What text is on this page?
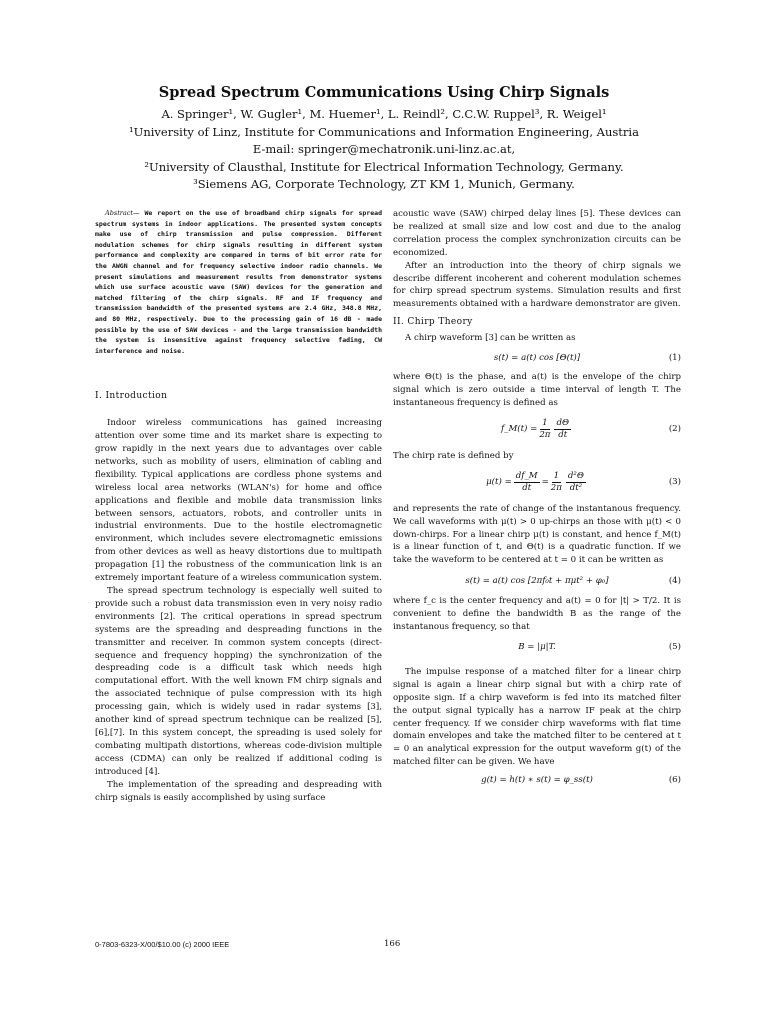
Spread Spectrum Communications Using Chirp Signals
A. Springer¹, W. Gugler¹, M. Huemer¹, L. Reindl², C.C.W. Ruppel³, R. Weigel¹
¹University of Linz, Institute for Communications and Information Engineering, Austria
E-mail: springer@mechatronik.uni-linz.ac.at,
²University of Clausthal, Institute for Electrical Information Technology, Germany.
³Siemens AG, Corporate Technology, ZT KM 1, Munich, Germany.

Abstract— We report on the use of broadband chirp signals for spread spectrum systems in indoor applications. The presented system concepts make use of chirp transmission and pulse compression. Different modulation schemes for chirp signals resulting in different system performance and complexity are compared in terms of bit error rate for the AWGN channel and for frequency selective indoor radio channels. We present simulations and measurement results from demonstrator systems which use surface acoustic wave (SAW) devices for the generation and matched filtering of the chirp signals. RF and IF frequency and transmission bandwidth of the presented systems are 2.4 GHz, 348.8 MHz, and 80 MHz, respectively. Due to the processing gain of 16 dB - made possible by the use of SAW devices - and the large transmission bandwidth the system is insensitive against frequency selective fading, CW interference and noise.

I. Introduction

Indoor wireless communications has gained increasing attention over some time and its market share is expecting to grow rapidly in the next years due to advantages over cable networks, such as mobility of users, elimination of cabling and flexibility. Typical applications are cordless phone systems and wireless local area networks (WLAN's) for home and office applications and flexible and mobile data transmission links between sensors, actuators, robots, and controller units in industrial environments. Due to the hostile electromagnetic environment, which includes severe electromagnetic emissions from other devices as well as heavy distortions due to multipath propagation [1] the robustness of the communication link is an extremely important feature of a wireless communication system.

The spread spectrum technology is especially well suited to provide such a robust data transmission even in very noisy radio environments [2]. The critical operations in spread spectrum systems are the spreading and despreading functions in the transmitter and receiver. In common system concepts (direct-sequence and frequency hopping) the synchronization of the despreading code is a difficult task which needs high computational effort. With the well known FM chirp signals and the associated technique of pulse compression with its high processing gain, which is widely used in radar systems [3], another kind of spread spectrum technique can be realized [5],[6],[7]. In this system concept, the spreading is used solely for combating multipath distortions, whereas code-division multiple access (CDMA) can only be realized if additional coding is introduced [4].

The implementation of the spreading and despreading with chirp signals is easily accomplished by using surface

acoustic wave (SAW) chirped delay lines [5]. These devices can be realized at small size and low cost and due to the analog correlation process the complex synchronization circuits can be economized.

After an introduction into the theory of chirp signals we describe different incoherent and coherent modulation schemes for chirp spread spectrum systems. Simulation results and first measurements obtained with a hardware demonstrator are given.

II. Chirp Theory

A chirp waveform [3] can be written as

s(t) = a(t) cos [Θ(t)]	(1)

where Θ(t) is the phase, and a(t) is the envelope of the chirp signal which is zero outside a time interval of length T. The instantaneous frequency is defined as

f_M(t) = $\frac{1}{2\pi} \frac{d\Theta}{dt}$	(2)

The chirp rate is defined by

$\mu(t) = \frac{df\_M}{dt} = \frac{1}{2\pi} \frac{\text{d²Θ}}{\text{dt²}}$	(3)

and represents the rate of change of the instantanous frequency. We call waveforms with μ(t) > 0 up-chirps an those with μ(t) < 0 down-chirps. For a linear chirp μ(t) is constant, and hence f_M(t) is a linear function of t, and Θ(t) is a quadratic function. If we take the waveform to be centered at t = 0 it can be written as

s(t) = a(t) cos [2πf₀t + πμt² + φ₀]	(4)

where f_c is the center frequency and a(t) = 0 for |t| > T/2. It is convenient to define the bandwidth B as the range of the instantanous frequency, so that

B = |μ|T.	(5)

The impulse response of a matched filter for a linear chirp signal is again a linear chirp signal but with a chirp rate of opposite sign. If a chirp waveform is fed into its matched filter the output signal typically has a narrow IF peak at the chirp center frequency. If we consider chirp waveforms with flat time domain envelopes and take the matched filter to be centered at t = 0 an analytical expression for the output waveform g(t) of the matched filter can be given. We have

g(t) = h(t) ∗ s(t) = φ_ss(t)	(6)
0-7803-6323-X/00/$10.00 (c) 2000 IEEE	166
